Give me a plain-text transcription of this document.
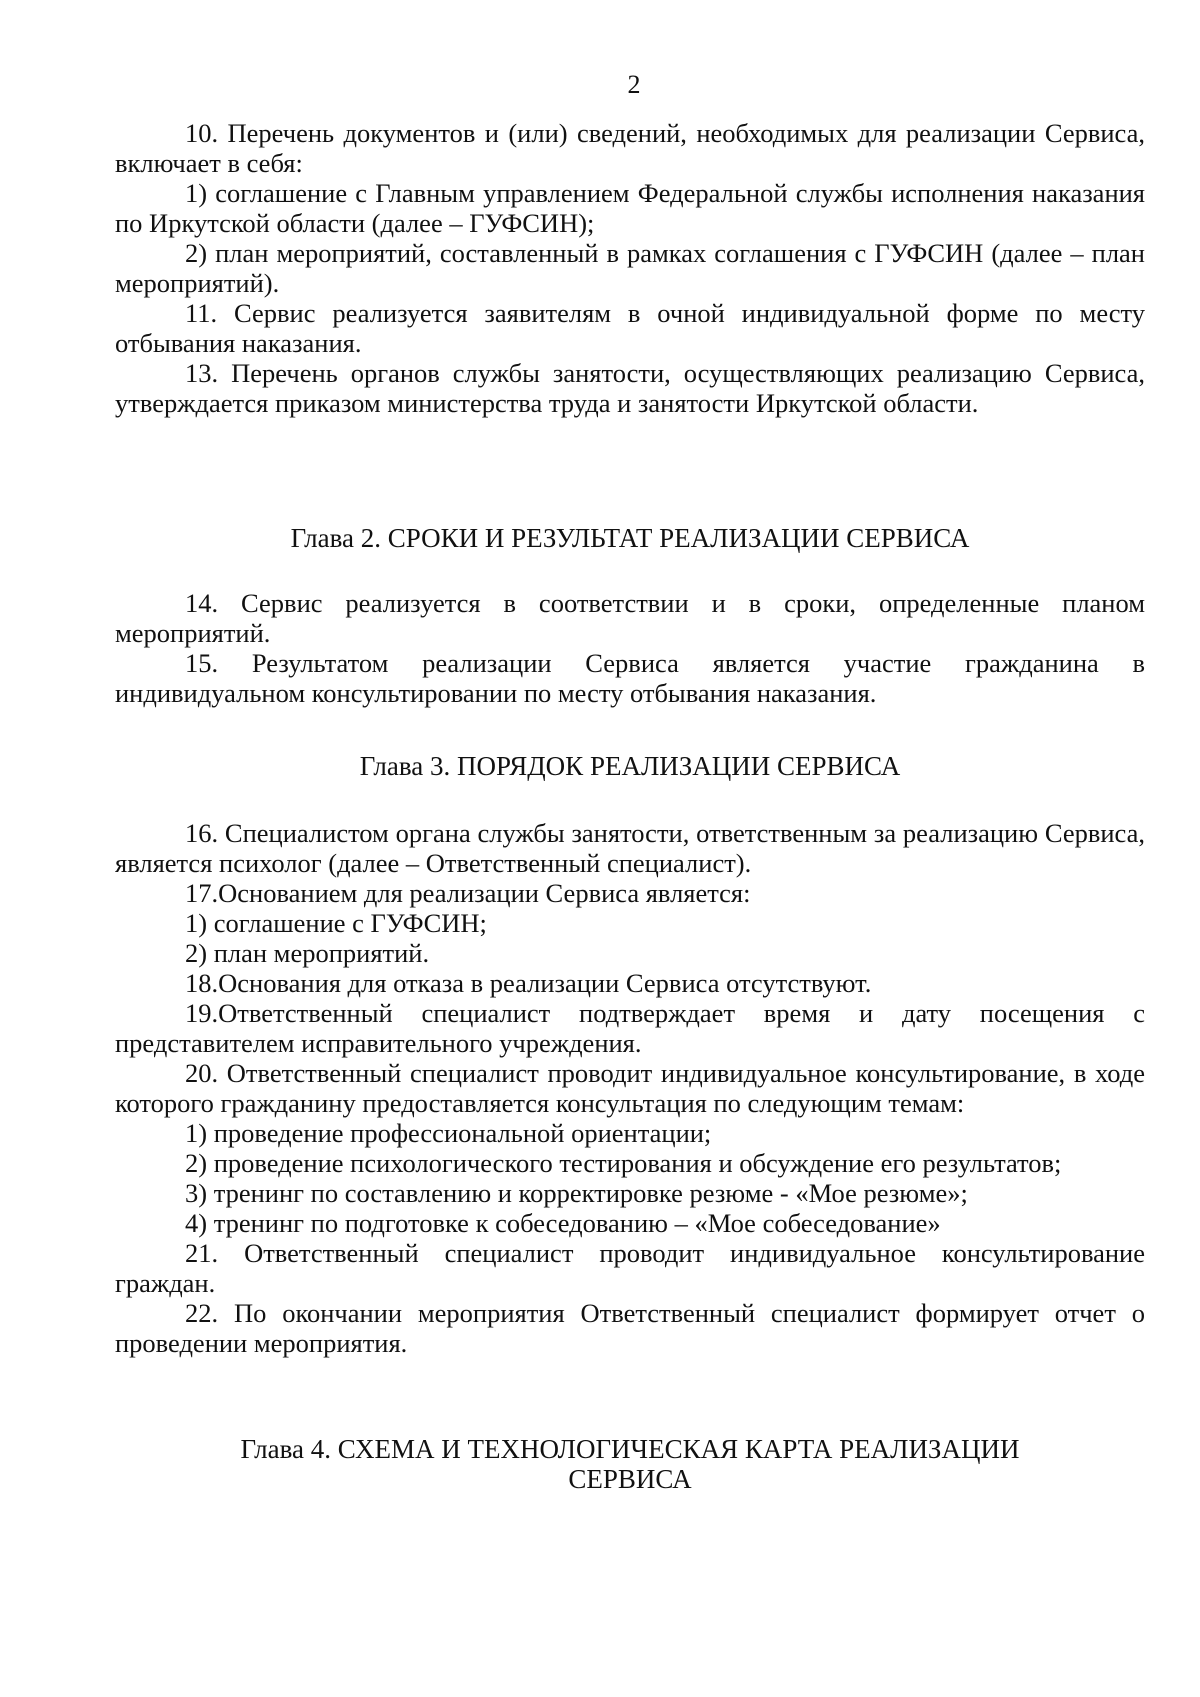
2

10. Перечень документов и (или) сведений, необходимых для реализации Сервиса, включает в себя:

1) соглашение с Главным управлением Федеральной службы исполнения наказания по Иркутской области (далее – ГУФСИН);

2) план мероприятий, составленный в рамках соглашения с ГУФСИН (далее – план мероприятий).

11. Сервис реализуется заявителям в очной индивидуальной форме по месту отбывания наказания.

13. Перечень органов службы занятости, осуществляющих реализацию Сервиса, утверждается приказом министерства труда и занятости Иркутской области.

Глава 2. СРОКИ И РЕЗУЛЬТАТ РЕАЛИЗАЦИИ СЕРВИСА

14. Сервис реализуется в соответствии и в сроки, определенные планом мероприятий.

15. Результатом реализации Сервиса является участие гражданина в индивидуальном консультировании по месту отбывания наказания.

Глава 3. ПОРЯДОК РЕАЛИЗАЦИИ СЕРВИСА

16. Специалистом органа службы занятости, ответственным за реализацию Сервиса, является психолог (далее – Ответственный специалист).

17.Основанием для реализации Сервиса является:

1) соглашение с ГУФСИН;

2) план мероприятий.

18.Основания для отказа в реализации Сервиса отсутствуют.

19.Ответственный специалист подтверждает время и дату посещения с представителем исправительного учреждения.

20. Ответственный специалист проводит индивидуальное консультирование, в ходе которого гражданину предоставляется консультация по следующим темам:

1) проведение профессиональной ориентации;

2) проведение психологического тестирования и обсуждение его результатов;

3) тренинг по составлению и корректировке резюме - «Мое резюме»;

4) тренинг по подготовке к собеседованию – «Мое собеседование»

21. Ответственный специалист проводит индивидуальное консультирование граждан.

22. По окончании мероприятия Ответственный специалист формирует отчет о проведении мероприятия.

Глава 4. СХЕМА И ТЕХНОЛОГИЧЕСКАЯ КАРТА РЕАЛИЗАЦИИ

СЕРВИСА
